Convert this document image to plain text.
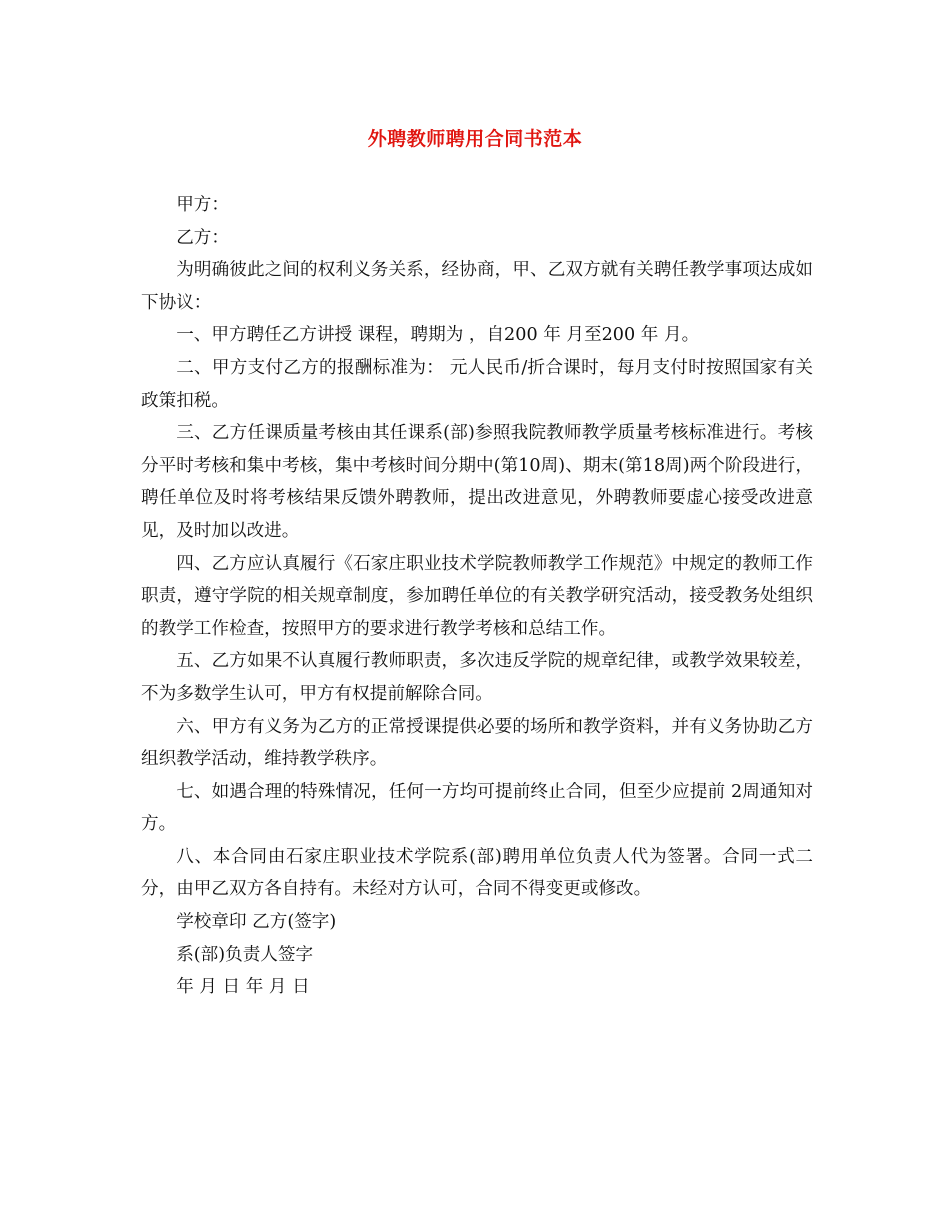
外聘教师聘用合同书范本

甲方：

乙方：

为明确彼此之间的权利义务关系，经协商，甲、乙双方就有关聘任教学事项达成如下协议：

一、甲方聘任乙方讲授 课程，聘期为 ，自200 年 月至200 年 月。

二、甲方支付乙方的报酬标准为： 元人民币/折合课时，每月支付时按照国家有关政策扣税。

三、乙方任课质量考核由其任课系(部)参照我院教师教学质量考核标准进行。考核分平时考核和集中考核，集中考核时间分期中(第10周)、期末(第18周)两个阶段进行，聘任单位及时将考核结果反馈外聘教师，提出改进意见，外聘教师要虚心接受改进意见，及时加以改进。

四、乙方应认真履行《石家庄职业技术学院教师教学工作规范》中规定的教师工作职责，遵守学院的相关规章制度，参加聘任单位的有关教学研究活动，接受教务处组织的教学工作检查，按照甲方的要求进行教学考核和总结工作。

五、乙方如果不认真履行教师职责，多次违反学院的规章纪律，或教学效果较差，不为多数学生认可，甲方有权提前解除合同。

六、甲方有义务为乙方的正常授课提供必要的场所和教学资料，并有义务协助乙方组织教学活动，维持教学秩序。

七、如遇合理的特殊情况，任何一方均可提前终止合同，但至少应提前 2周通知对方。

八、本合同由石家庄职业技术学院系(部)聘用单位负责人代为签署。合同一式二分，由甲乙双方各自持有。未经对方认可，合同不得变更或修改。

学校章印 乙方(签字)

系(部)负责人签字

年 月 日 年 月 日
